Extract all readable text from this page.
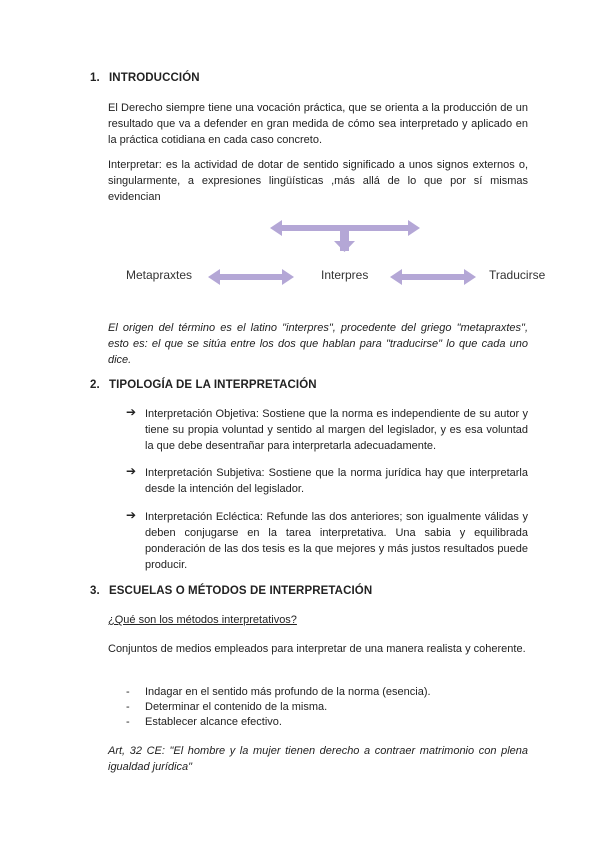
1. INTRODUCCIÓN
El Derecho siempre tiene una vocación práctica, que se orienta a la producción de un resultado que va a defender en gran medida de cómo sea interpretado y aplicado en la práctica cotidiana en cada caso concreto.
Interpretar: es la actividad de dotar de sentido significado a unos signos externos o, singularmente, a expresiones lingüísticas ,más allá de lo que por sí mismas evidencian
Metapraxtes	Interpres	Traducirse
El origen del término es el latino "interpres", procedente del griego "metapraxtes", esto es: el que se sitúa entre los dos que hablan para "traducirse" lo que cada uno dice.
2. TIPOLOGÍA DE LA INTERPRETACIÓN
➔ Interpretación Objetiva: Sostiene que la norma es independiente de su autor y tiene su propia voluntad y sentido al margen del legislador, y es esa voluntad la que debe desentrañar para interpretarla adecuadamente.
➔ Interpretación Subjetiva: Sostiene que la norma jurídica hay que interpretarla desde la intención del legislador.
➔ Interpretación Ecléctica: Refunde las dos anteriores; son igualmente válidas y deben conjugarse en la tarea interpretativa. Una sabia y equilibrada ponderación de las dos tesis es la que mejores y más justos resultados puede producir.
3. ESCUELAS O MÉTODOS DE INTERPRETACIÓN
¿Qué son los métodos interpretativos?
Conjuntos de medios empleados para interpretar de una manera realista y coherente.
- Indagar en el sentido más profundo de la norma (esencia).
- Determinar el contenido de la misma.
- Establecer alcance efectivo.
Art, 32 CE: "El hombre y la mujer tienen derecho a contraer matrimonio con plena igualdad jurídica"
